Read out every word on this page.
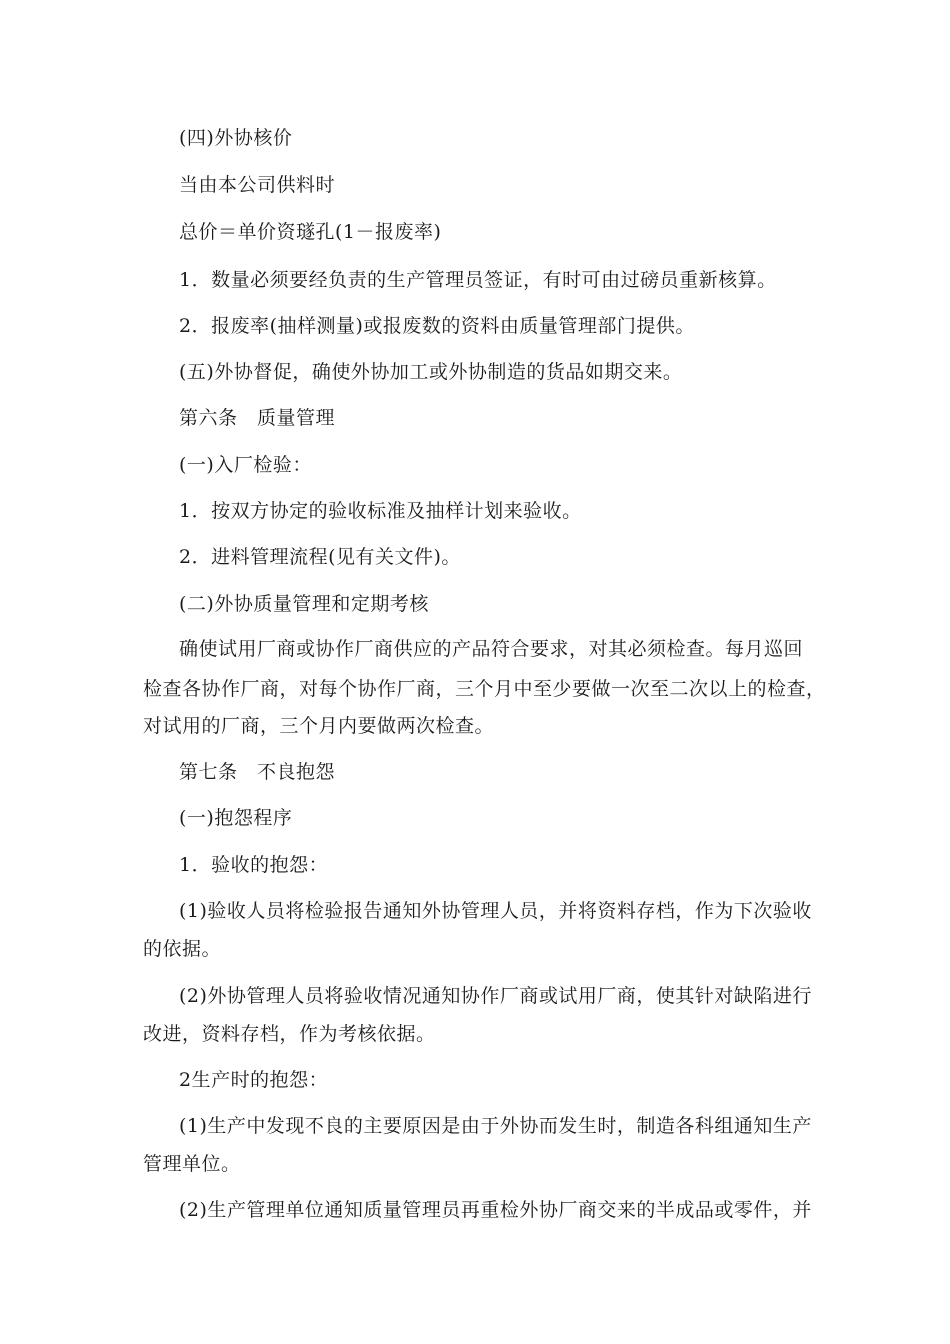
(四)外协核价
当由本公司供料时
总价＝单价资璲孔(1－报废率)
1．数量必须要经负责的生产管理员签证，有时可由过磅员重新核算。
2．报废率(抽样测量)或报废数的资料由质量管理部门提供。
(五)外协督促，确使外协加工或外协制造的货品如期交来。
第六条　质量管理
(一)入厂检验：
1．按双方协定的验收标准及抽样计划来验收。
2．进料管理流程(见有关文件)。
(二)外协质量管理和定期考核
确使试用厂商或协作厂商供应的产品符合要求，对其必须检查。每月巡回
检查各协作厂商，对每个协作厂商，三个月中至少要做一次至二次以上的检查，
对试用的厂商，三个月内要做两次检查。
第七条　不良抱怨
(一)抱怨程序
1．验收的抱怨：
(1)验收人员将检验报告通知外协管理人员，并将资料存档，作为下次验收
的依据。
(2)外协管理人员将验收情况通知协作厂商或试用厂商，使其针对缺陷进行
改进，资料存档，作为考核依据。
2生产时的抱怨：
(1)生产中发现不良的主要原因是由于外协而发生时，制造各科组通知生产
管理单位。
(2)生产管理单位通知质量管理员再重检外协厂商交来的半成品或零件，并
